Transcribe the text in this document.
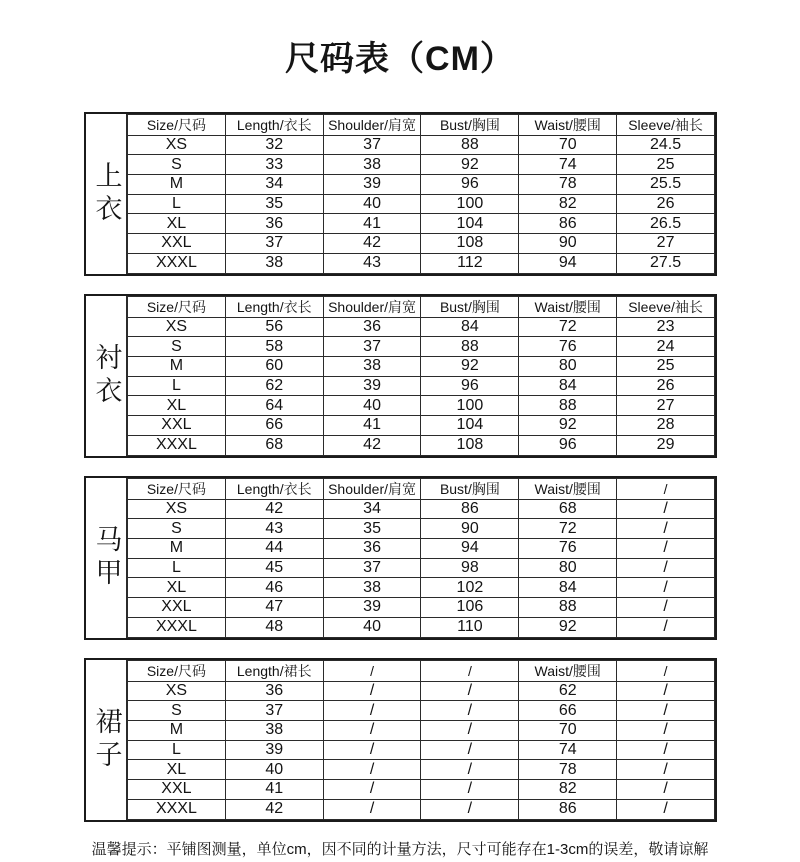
尺码表（CM）
上衣
Size/尺码	Length/衣长	Shoulder/肩宽	Bust/胸围	Waist/腰围	Sleeve/袖长
XS	32	37	88	70	24.5
S	33	38	92	74	25
M	34	39	96	78	25.5
L	35	40	100	82	26
XL	36	41	104	86	26.5
XXL	37	42	108	90	27
XXXL	38	43	112	94	27.5
衬衣
Size/尺码	Length/衣长	Shoulder/肩宽	Bust/胸围	Waist/腰围	Sleeve/袖长
XS	56	36	84	72	23
S	58	37	88	76	24
M	60	38	92	80	25
L	62	39	96	84	26
XL	64	40	100	88	27
XXL	66	41	104	92	28
XXXL	68	42	108	96	29
马甲
Size/尺码	Length/衣长	Shoulder/肩宽	Bust/胸围	Waist/腰围	/
XS	42	34	86	68	/
S	43	35	90	72	/
M	44	36	94	76	/
L	45	37	98	80	/
XL	46	38	102	84	/
XXL	47	39	106	88	/
XXXL	48	40	110	92	/
裙子
Size/尺码	Length/裙长	/	/	Waist/腰围	/
XS	36	/	/	62	/
S	37	/	/	66	/
M	38	/	/	70	/
L	39	/	/	74	/
XL	40	/	/	78	/
XXL	41	/	/	82	/
XXXL	42	/	/	86	/
温馨提示：平铺图测量，单位cm，因不同的计量方法，尺寸可能存在1-3cm的误差，敬请谅解
